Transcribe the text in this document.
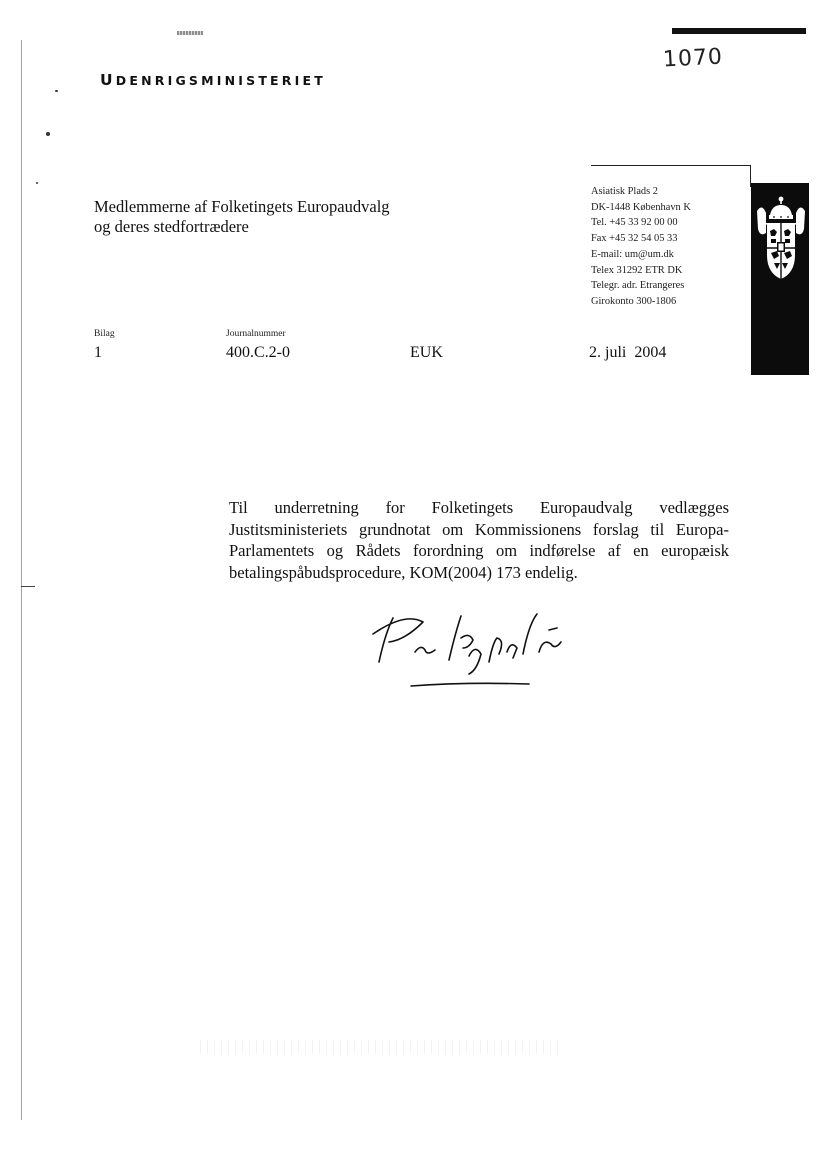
1070
UDENRIGSMINISTERIET
Medlemmerne af Folketingets Europaudvalg
og deres stedfortrædere
Asiatisk Plads 2
DK-1448 København K
Tel. +45 33 92 00 00
Fax +45 32 54 05 33
E-mail: um@um.dk
Telex 31292 ETR DK
Telegr. adr. Etrangeres
Girokonto 300-1806
Bilag
1
Journalnummer
400.C.2-0	EUK	2. juli  2004
Til underretning for Folketingets Europaudvalg vedlægges Justitsministeriets grundnotat om Kommissionens forslag til Europa-Parlamentets og Rådets forordning om indførelse af en europæisk betalingspåbudsprocedure, KOM(2004) 173 endelig.
